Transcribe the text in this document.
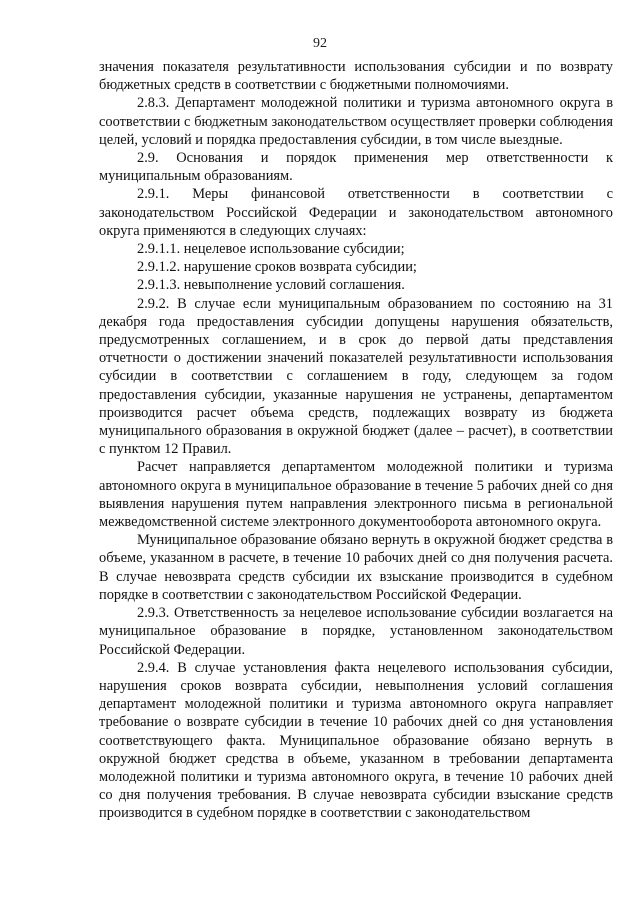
92

значения показателя результативности использования субсидии и по возврату бюджетных средств в соответствии с бюджетными полномочиями.

2.8.3. Департамент молодежной политики и туризма автономного округа в соответствии с бюджетным законодательством осуществляет проверки соблюдения целей, условий и порядка предоставления субсидии, в том числе выездные.

2.9. Основания и порядок применения мер ответственности к муниципальным образованиям.

2.9.1. Меры финансовой ответственности в соответствии с законодательством Российской Федерации и законодательством автономного округа применяются в следующих случаях:

2.9.1.1. нецелевое использование субсидии;

2.9.1.2. нарушение сроков возврата субсидии;

2.9.1.3. невыполнение условий соглашения.

2.9.2. В случае если муниципальным образованием по состоянию на 31 декабря года предоставления субсидии допущены нарушения обязательств, предусмотренных соглашением, и в срок до первой даты представления отчетности о достижении значений показателей результативности использования субсидии в соответствии с соглашением в году, следующем за годом предоставления субсидии, указанные нарушения не устранены, департаментом производится расчет объема средств, подлежащих возврату из бюджета муниципального образования в окружной бюджет (далее – расчет), в соответствии с пунктом 12 Правил.

Расчет направляется департаментом молодежной политики и туризма автономного округа в муниципальное образование в течение 5 рабочих дней со дня выявления нарушения путем направления электронного письма в региональной межведомственной системе электронного документооборота автономного округа.

Муниципальное образование обязано вернуть в окружной бюджет средства в объеме, указанном в расчете, в течение 10 рабочих дней со дня получения расчета. В случае невозврата средств субсидии их взыскание производится в судебном порядке в соответствии с законодательством Российской Федерации.

2.9.3. Ответственность за нецелевое использование субсидии возлагается на муниципальное образование в порядке, установленном законодательством Российской Федерации.

2.9.4. В случае установления факта нецелевого использования субсидии, нарушения сроков возврата субсидии, невыполнения условий соглашения департамент молодежной политики и туризма автономного округа направляет требование о возврате субсидии в течение 10 рабочих дней со дня установления соответствующего факта. Муниципальное образование обязано вернуть в окружной бюджет средства в объеме, указанном в требовании департамента молодежной политики и туризма автономного округа, в течение 10 рабочих дней со дня получения требования. В случае невозврата субсидии взыскание средств производится в судебном порядке в соответствии с законодательством
